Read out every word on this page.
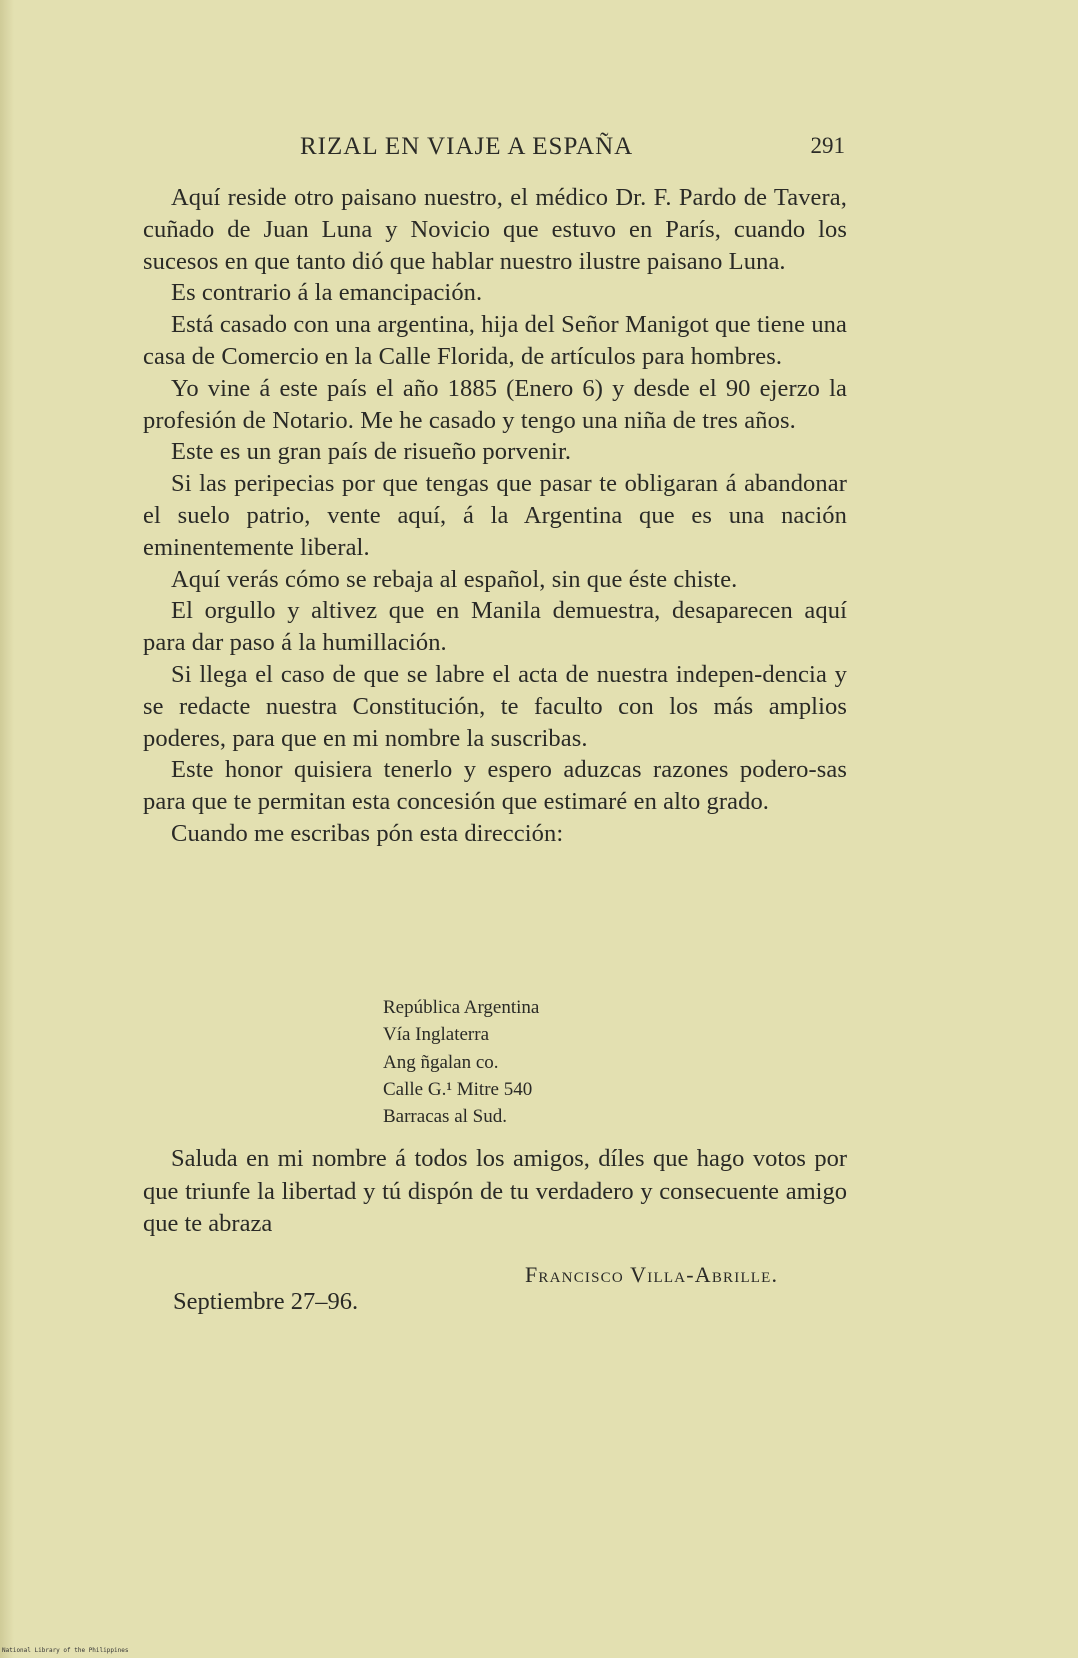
RIZAL EN VIAJE A ESPAÑA	291

Aquí reside otro paisano nuestro, el médico Dr. F. Pardo de Tavera, cuñado de Juan Luna y Novicio que estuvo en París, cuando los sucesos en que tanto dió que hablar nuestro ilustre paisano Luna.

Es contrario á la emancipación.

Está casado con una argentina, hija del Señor Manigot que tiene una casa de Comercio en la Calle Florida, de artículos para hombres.

Yo vine á este país el año 1885 (Enero 6) y desde el 90 ejerzo la profesión de Notario. Me he casado y tengo una niña de tres años.

Este es un gran país de risueño porvenir.

Si las peripecias por que tengas que pasar te obligaran á abandonar el suelo patrio, vente aquí, á la Argentina que es una nación eminentemente liberal.

Aquí verás cómo se rebaja al español, sin que éste chiste.

El orgullo y altivez que en Manila demuestra, desaparecen aquí para dar paso á la humillación.

Si llega el caso de que se labre el acta de nuestra indepen-dencia y se redacte nuestra Constitución, te faculto con los más amplios poderes, para que en mi nombre la suscribas.

Este honor quisiera tenerlo y espero aduzcas razones podero-sas para que te permitan esta concesión que estimaré en alto grado.

Cuando me escribas pón esta dirección:

República Argentina
Vía Inglaterra
Ang ñgalan co.
Calle G.¹ Mitre 540
Barracas al Sud.

Saluda en mi nombre á todos los amigos, díles que hago votos por que triunfe la libertad y tú dispón de tu verdadero y consecuente amigo que te abraza

Francisco Villa-Abrille.
Septiembre 27–96.
National Library of the Philippines
